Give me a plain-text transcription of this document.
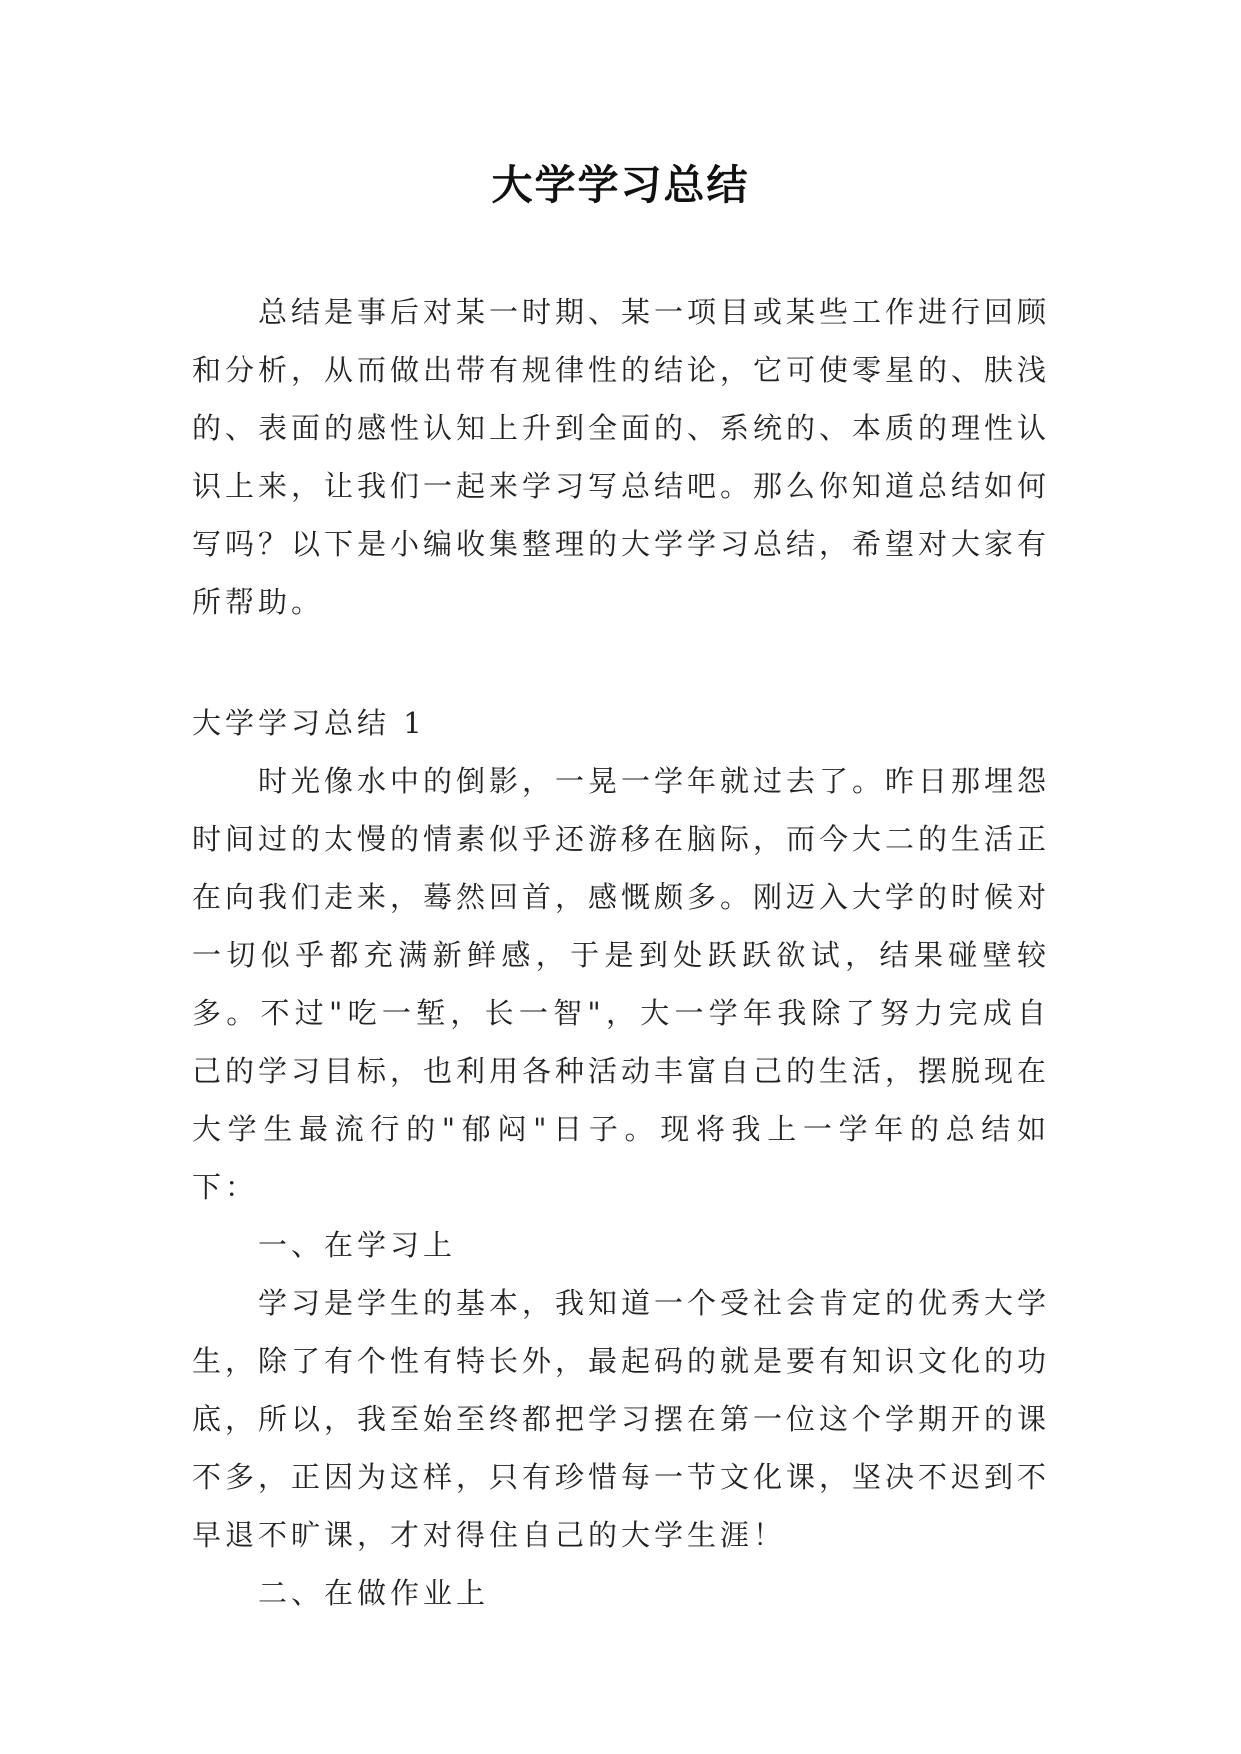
大学学习总结

总结是事后对某一时期、某一项目或某些工作进行回顾和分析，从而做出带有规律性的结论，它可使零星的、肤浅的、表面的感性认知上升到全面的、系统的、本质的理性认识上来，让我们一起来学习写总结吧。那么你知道总结如何写吗？以下是小编收集整理的大学学习总结，希望对大家有所帮助。

大学学习总结 1

时光像水中的倒影，一晃一学年就过去了。昨日那埋怨时间过的太慢的情素似乎还游移在脑际，而今大二的生活正在向我们走来，蓦然回首，感慨颇多。刚迈入大学的时候对一切似乎都充满新鲜感，于是到处跃跃欲试，结果碰壁较多。不过"吃一堑，长一智"，大一学年我除了努力完成自己的学习目标，也利用各种活动丰富自己的生活，摆脱现在大学生最流行的"郁闷"日子。现将我上一学年的总结如下：

一、在学习上

学习是学生的基本，我知道一个受社会肯定的优秀大学生，除了有个性有特长外，最起码的就是要有知识文化的功底，所以，我至始至终都把学习摆在第一位这个学期开的课不多，正因为这样，只有珍惜每一节文化课，坚决不迟到不早退不旷课，才对得住自己的大学生涯！

二、在做作业上
